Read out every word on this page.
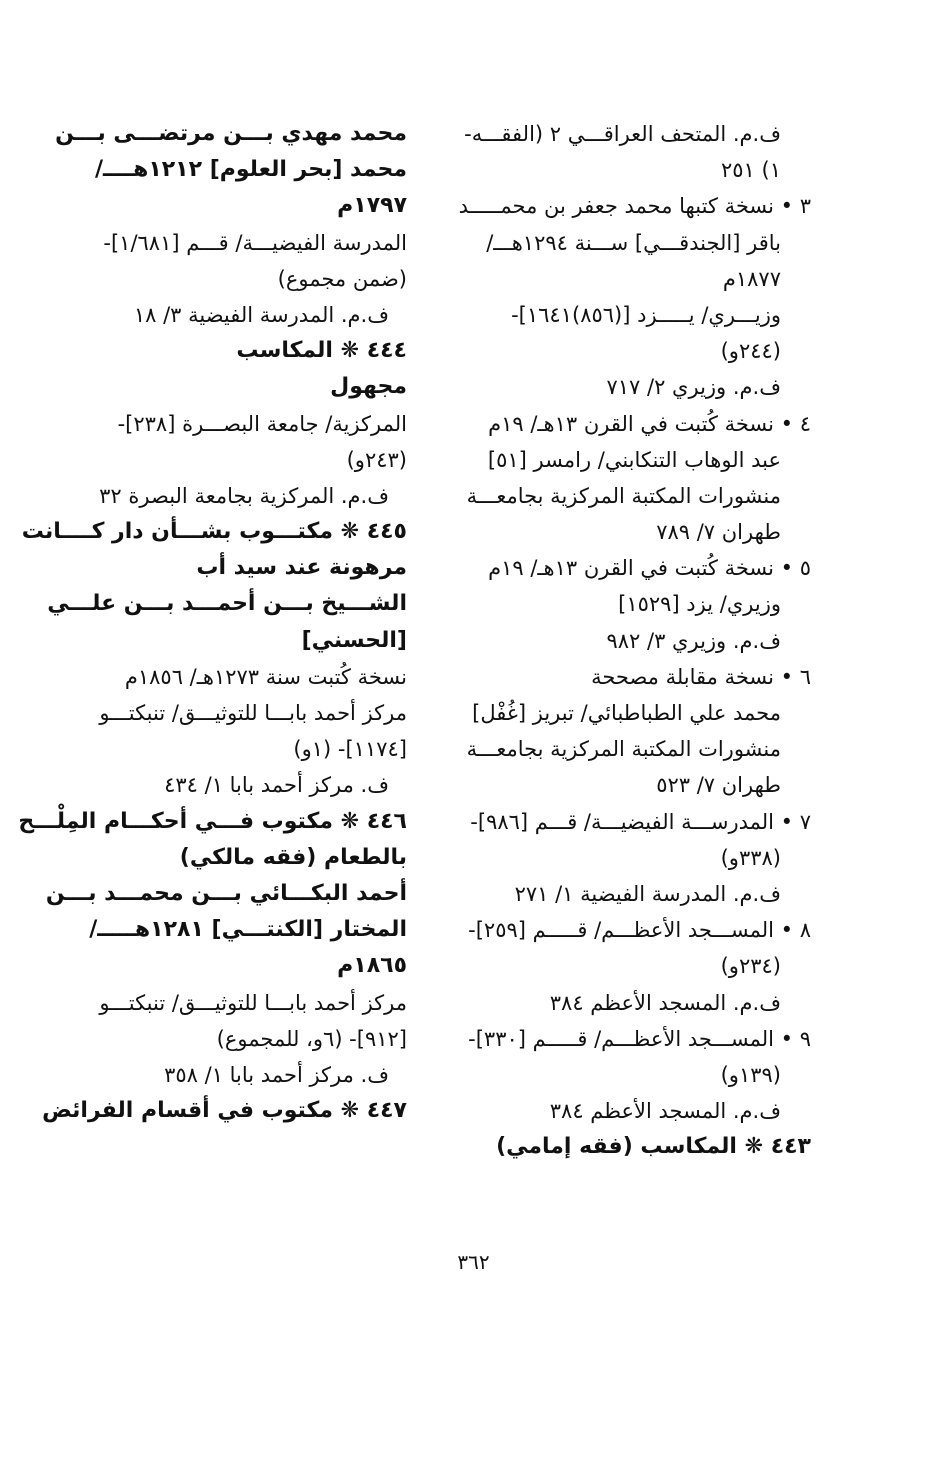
ف.م. المتحف العراقـــي ٢ (الفقـــه-
١) ٢٥١
٣ • نسخة كتبها محمد جعفر بن محمـــــد
باقر [الجندقـــي] ســـنة ١٢٩٤هـــ/
١٨٧٧م
وزيـــري/ يـــــزد [(٨٥٦)١٦٤١]-
(٢٤٤و)
ف.م. وزيري ٢/ ٧١٧
٤ • نسخة كُتبت في القرن ١٣هـ/ ١٩م
عبد الوهاب التنكابني/ رامسر [٥١]
منشورات المكتبة المركزية بجامعـــة
طهران ٧/ ٧٨٩
٥ • نسخة كُتبت في القرن ١٣هـ/ ١٩م
وزيري/ يزد [١٥٢٩]
ف.م. وزيري ٣/ ٩٨٢
٦ • نسخة مقابلة مصححة
محمد علي الطباطبائي/ تبريز [غُفْل]
منشورات المكتبة المركزية بجامعـــة
طهران ٧/ ٥٢٣
٧ • المدرســـة الفيضيـــة/ قـــم [٩٨٦]-
(٣٣٨و)
ف.م. المدرسة الفيضية ١/ ٢٧١
٨ • المســـجد الأعظـــم/ قـــــم [٢٥٩]-
(٢٣٤و)
ف.م. المسجد الأعظم ٣٨٤
٩ • المســـجد الأعظـــم/ قـــــم [٣٣٠]-
(١٣٩و)
ف.م. المسجد الأعظم ٣٨٤
٤٤٣ ❋ المكاسب (فقه إمامي)
محمد مهدي بـــن مرتضـــى بـــن
محمد [بحر العلوم] ١٢١٢هــــ/
١٧٩٧م
المدرسة الفيضيـــة/ قـــم [١/٦٨١]-
(ضمن مجموع)
ف.م. المدرسة الفيضية ٣/ ١٨
٤٤٤ ❋ المكاسب
مجهول
المركزية/ جامعة البصـــرة [٢٣٨]-
(٢٤٣و)
ف.م. المركزية بجامعة البصرة ٣٢
٤٤٥ ❋ مكتـــوب بشـــأن دار كــــانت
مرهونة عند سيد أب
الشـــيخ بـــن أحمـــد بـــن علـــي
[الحسني]
نسخة كُتبت سنة ١٢٧٣هـ/ ١٨٥٦م
مركز أحمد بابـــا للتوثيـــق/ تنبكتـــو
[١١٧٤]- (١و)
ف. مركز أحمد بابا ١/ ٤٣٤
٤٤٦ ❋ مكتوب فـــي أحكـــام المِلْـــح
بالطعام (فقه مالكي)
أحمد البكـــائي بـــن محمـــد بـــن
المختار [الكنتـــي] ١٢٨١هـــــ/
١٨٦٥م
مركز أحمد بابـــا للتوثيـــق/ تنبكتـــو
[٩١٢]- (٦و، للمجموع)
ف. مركز أحمد بابا ١/ ٣٥٨
٤٤٧ ❋ مكتوب في أقسام الفرائض
٣٦٢
